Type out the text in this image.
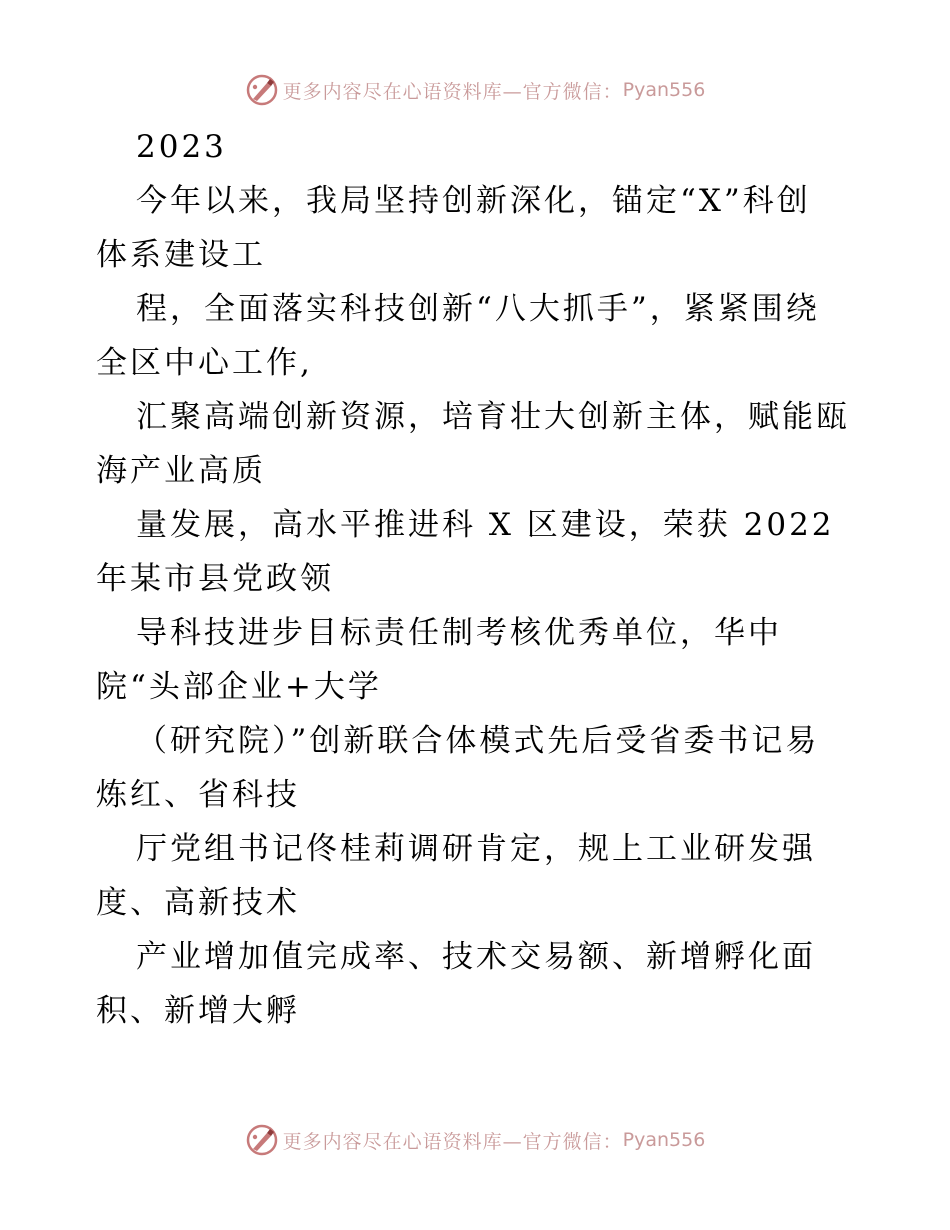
更多内容尽在心语资料库—官方微信： Pyan556
2023
今年以来，我局坚持创新深化，锚定“X”科创
体系建设工
程，全面落实科技创新“八大抓手”，紧紧围绕
全区中心工作,
汇聚高端创新资源，培育壮大创新主体，赋能瓯
海产业高质
量发展，高水平推进科 X 区建设，荣获 2022
年某市县党政领
导科技进步目标责任制考核优秀单位，华中
院“头部企业+大学
（研究院）”创新联合体模式先后受省委书记易
炼红、省科技
厅党组书记佟桂莉调研肯定，规上工业研发强
度、高新技术
产业增加值完成率、技术交易额、新增孵化面
积、新增大孵
更多内容尽在心语资料库—官方微信： Pyan556
